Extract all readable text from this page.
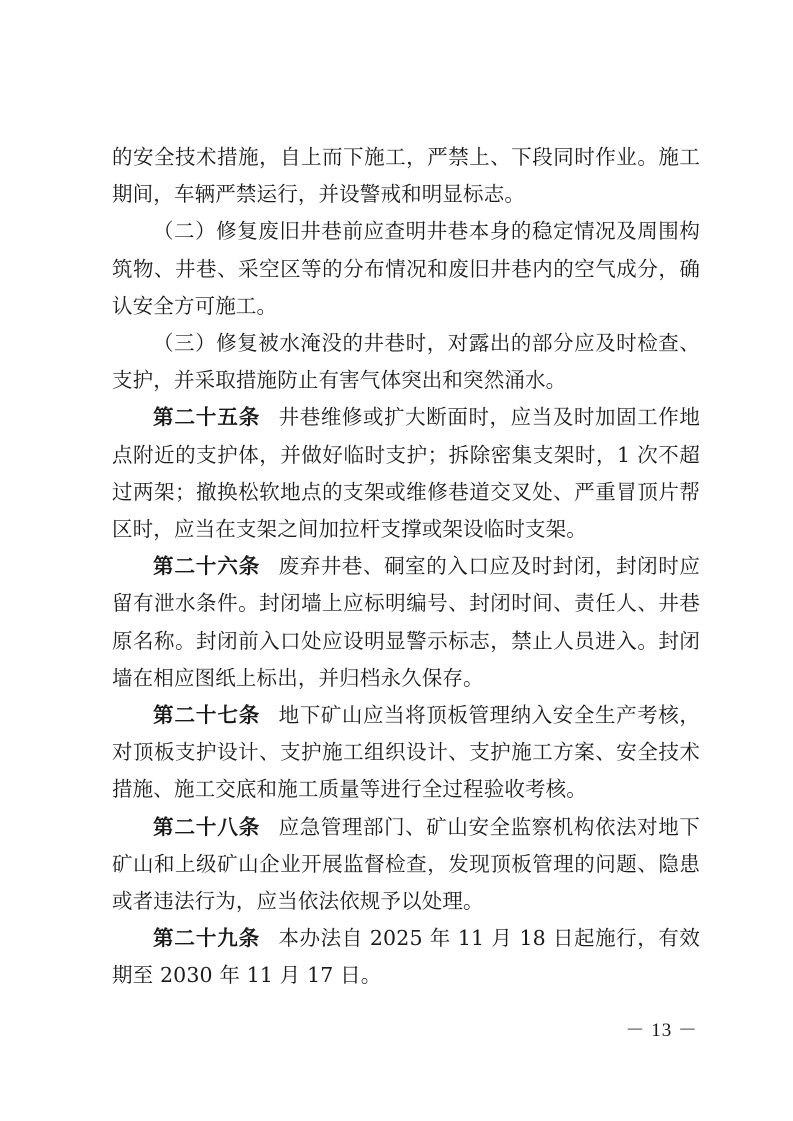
的安全技术措施，自上而下施工，严禁上、下段同时作业。施工期间，车辆严禁运行，并设警戒和明显标志。

（二）修复废旧井巷前应查明井巷本身的稳定情况及周围构筑物、井巷、采空区等的分布情况和废旧井巷内的空气成分，确认安全方可施工。

（三）修复被水淹没的井巷时，对露出的部分应及时检查、支护，并采取措施防止有害气体突出和突然涌水。

第二十五条 井巷维修或扩大断面时，应当及时加固工作地点附近的支护体，并做好临时支护；拆除密集支架时，1 次不超过两架；撤换松软地点的支架或维修巷道交叉处、严重冒顶片帮区时，应当在支架之间加拉杆支撑或架设临时支架。

第二十六条 废弃井巷、硐室的入口应及时封闭，封闭时应留有泄水条件。封闭墙上应标明编号、封闭时间、责任人、井巷原名称。封闭前入口处应设明显警示标志，禁止人员进入。封闭墙在相应图纸上标出，并归档永久保存。

第二十七条 地下矿山应当将顶板管理纳入安全生产考核，对顶板支护设计、支护施工组织设计、支护施工方案、安全技术措施、施工交底和施工质量等进行全过程验收考核。

第二十八条 应急管理部门、矿山安全监察机构依法对地下矿山和上级矿山企业开展监督检查，发现顶板管理的问题、隐患或者违法行为，应当依法依规予以处理。

第二十九条 本办法自 2025 年 11 月 18 日起施行，有效期至 2030 年 11 月 17 日。

－ 13 －
